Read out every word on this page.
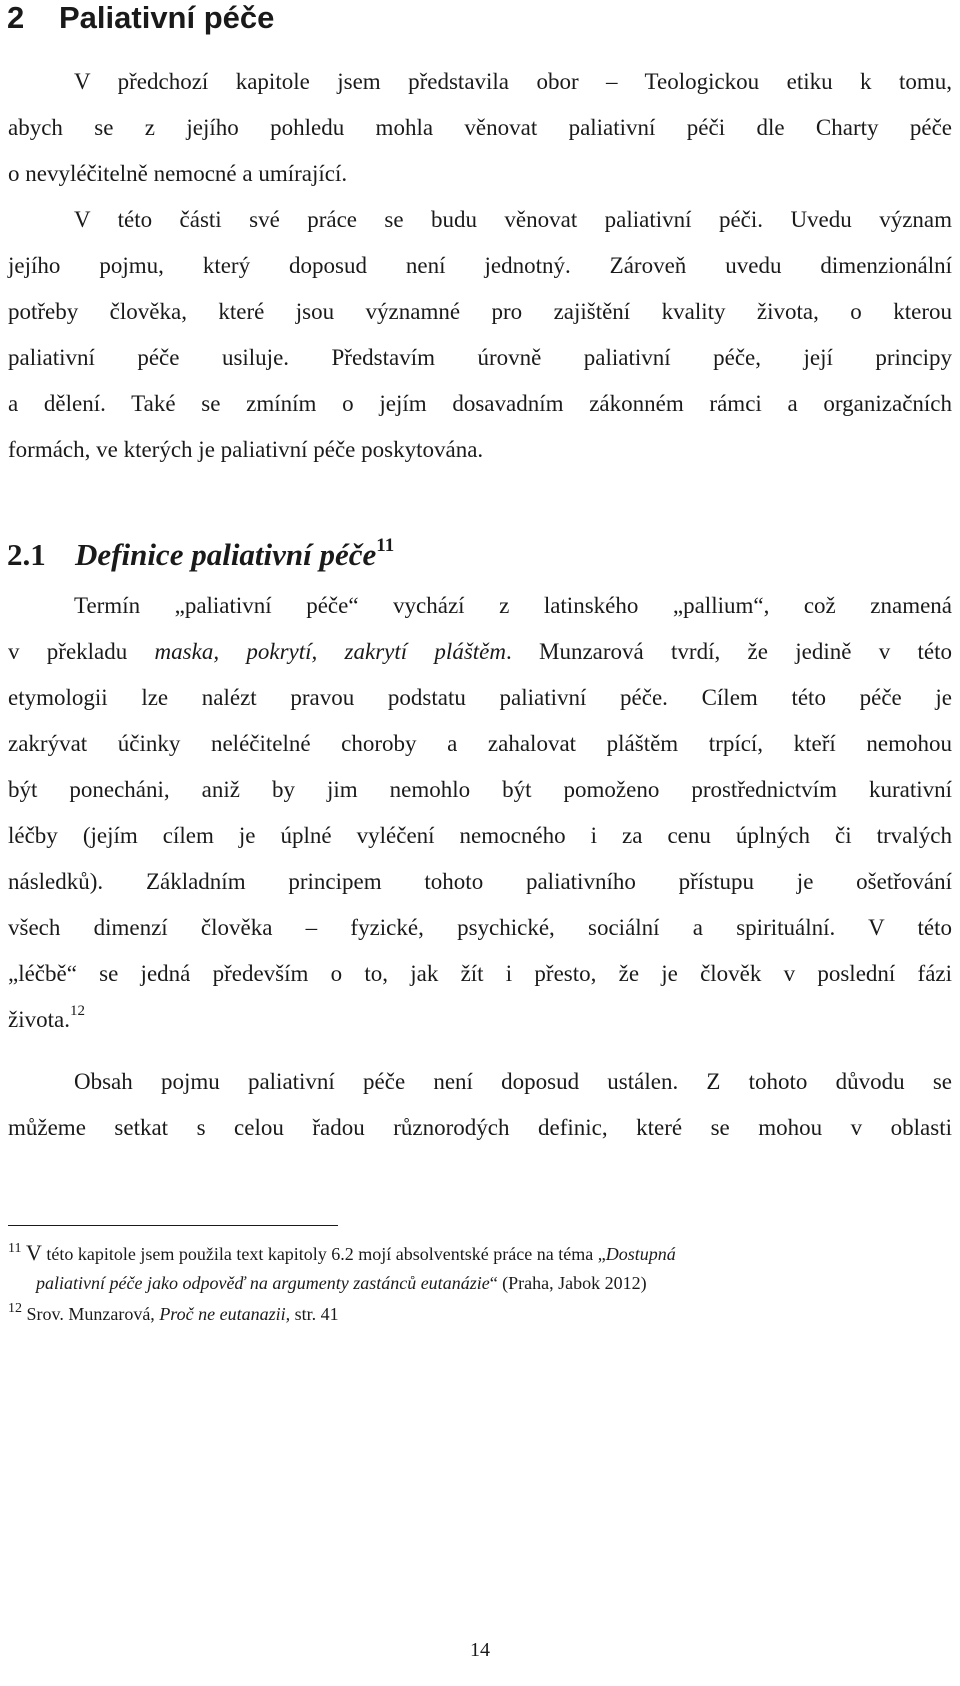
2 Paliativní péče
V předchozí kapitole jsem představila obor – Teologickou etiku k tomu,
abych se z jejího pohledu mohla věnovat paliativní péči dle Charty péče
o nevyléčitelně nemocné a umírající.
V této části své práce se budu věnovat paliativní péči. Uvedu význam
jejího pojmu, který doposud není jednotný. Zároveň uvedu dimenzionální
potřeby člověka, které jsou významné pro zajištění kvality života, o kterou
paliativní péče usiluje. Představím úrovně paliativní péče, její principy
a dělení. Také se zmíním o jejím dosavadním zákonném rámci a organizačních
formách, ve kterých je paliativní péče poskytována.
2.1 Definice paliativní péče$^{11}$
Termín „paliativní péče“ vychází z latinského „pallium“, což znamená
v překladu maska, pokrytí, zakrytí pláštěm. Munzarová tvrdí, že jedině v této
etymologii lze nalézt pravou podstatu paliativní péče. Cílem této péče je
zakrývat účinky neléčitelné choroby a zahalovat pláštěm trpící, kteří nemohou
být ponecháni, aniž by jim nemohlo být pomoženo prostřednictvím kurativní
léčby (jejím cílem je úplné vyléčení nemocného i za cenu úplných či trvalých
následků). Základním principem tohoto paliativního přístupu je ošetřování
všech dimenzí člověka – fyzické, psychické, sociální a spirituální. V této
„léčbě“ se jedná především o to, jak žít i přesto, že je člověk v poslední fázi
života.$^{12}$
Obsah pojmu paliativní péče není doposud ustálen. Z tohoto důvodu se
můžeme setkat s celou řadou různorodých definic, které se mohou v oblasti
$^{11}$ V této kapitole jsem použila text kapitoly 6.2 mojí absolventské práce na téma „Dostupná
paliativní péče jako odpověď na argumenty zastánců eutanázie“ (Praha, Jabok 2012)
$^{12}$ Srov. Munzarová, Proč ne eutanazii, str. 41
14
